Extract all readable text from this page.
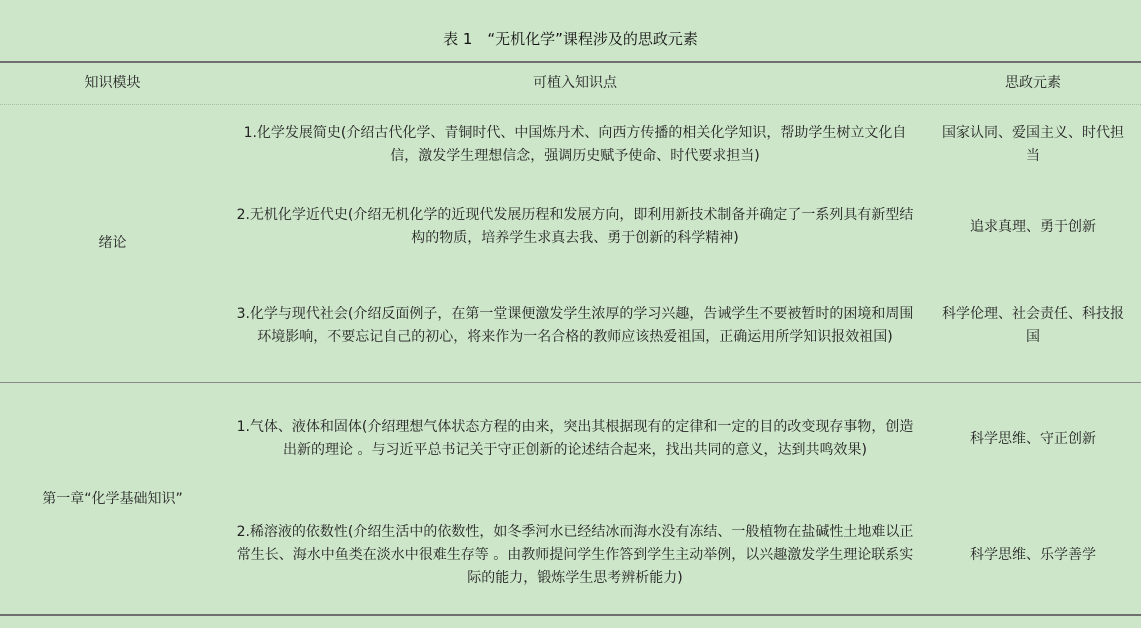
表 1　“无机化学”课程涉及的思政元素
知识模块	可植入知识点	思政元素
绪论
1.化学发展简史(介绍古代化学、青铜时代、中国炼丹术、向西方传播的相关化学知识，帮助学生树立文化自信，激发学生理想信念，强调历史赋予使命、时代要求担当)
国家认同、爱国主义、时代担当
2.无机化学近代史(介绍无机化学的近现代发展历程和发展方向，即利用新技术制备并确定了一系列具有新型结构的物质，培养学生求真去我、勇于创新的科学精神)
追求真理、勇于创新
3.化学与现代社会(介绍反面例子，在第一堂课便激发学生浓厚的学习兴趣，告诫学生不要被暂时的困境和周围环境影响，不要忘记自己的初心，将来作为一名合格的教师应该热爱祖国，正确运用所学知识报效祖国)
科学伦理、社会责任、科技报国
第一章“化学基础知识”
1.气体、液体和固体(介绍理想气体状态方程的由来，突出其根据现有的定律和一定的目的改变现存事物，创造出新的理论 。与习近平总书记关于守正创新的论述结合起来，找出共同的意义，达到共鸣效果)
科学思维、守正创新
2.稀溶液的依数性(介绍生活中的依数性，如冬季河水已经结冰而海水没有冻结、一般植物在盐碱性土地难以正常生长、海水中鱼类在淡水中很难生存等 。由教师提问学生作答到学生主动举例，以兴趣激发学生理论联系实际的能力，锻炼学生思考辨析能力)
科学思维、乐学善学
